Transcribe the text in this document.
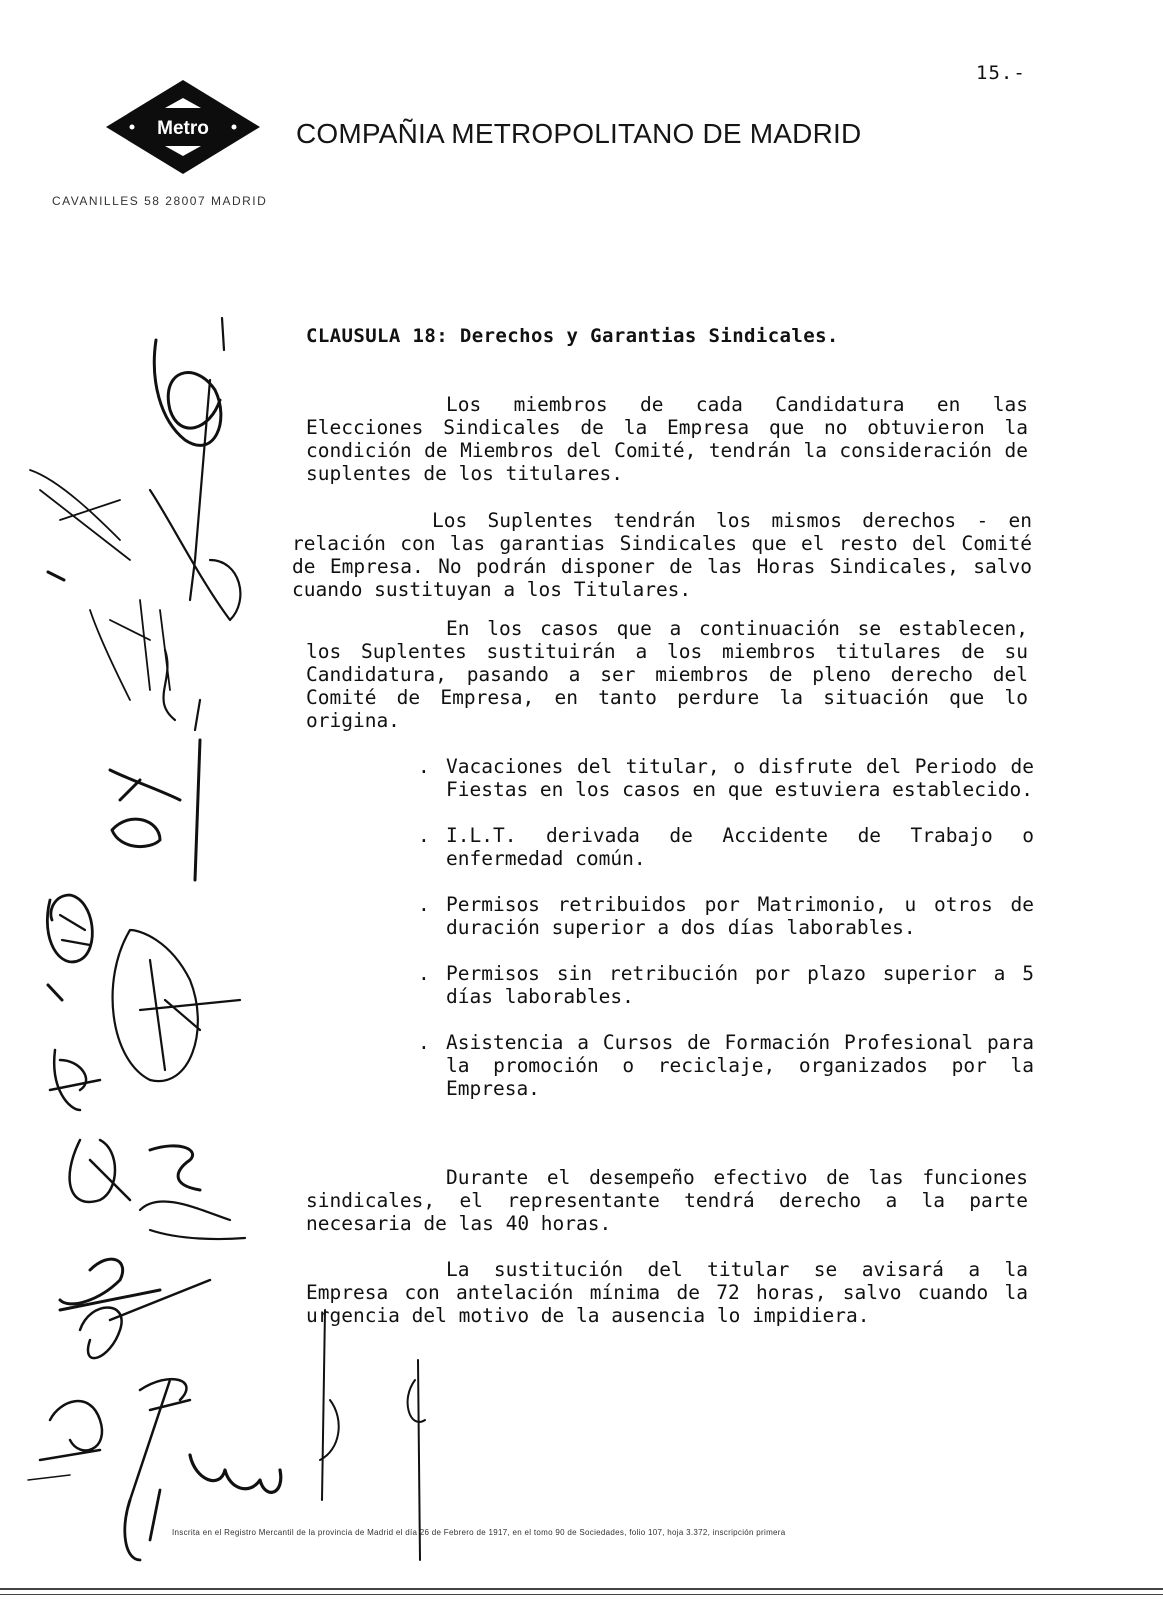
15.-
Metro	COMPAÑIA METROPOLITANO DE MADRID
CAVANILLES 58 28007 MADRID
CLAUSULA 18: Derechos y Garantias Sindicales.

Los miembros de cada Candidatura en las Elecciones Sindicales de la Empresa que no obtuvieron la condición de Miembros del Comité, tendrán la consideración de suplentes de los titulares.

Los Suplentes tendrán los mismos derechos - en relación con las garantias Sindicales que el resto del Comité de Empresa. No podrán disponer de las Horas Sindicales, salvo cuando sustituyan a los Titulares.

En los casos que a continuación se establecen, los Suplentes sustituirán a los miembros titulares de su Candidatura, pasando a ser miembros de pleno derecho del Comité de Empresa, en tanto perdure la situación que lo origina.

. Vacaciones del titular, o disfrute del Periodo de Fiestas en los casos en que estuviera establecido.
. I.L.T. derivada de Accidente de Trabajo o enfermedad común.
. Permisos retribuidos por Matrimonio, u otros de duración superior a dos días laborables.
. Permisos sin retribución por plazo superior a 5 días laborables.
. Asistencia a Cursos de Formación Profesional para la promoción o reciclaje, organizados por la Empresa.

Durante el desempeño efectivo de las funciones sindicales, el representante tendrá derecho a la parte necesaria de las 40 horas.

La sustitución del titular se avisará a la Empresa con antelación mínima de 72 horas, salvo cuando la urgencia del motivo de la ausencia lo impidiera.

Inscrita en el Registro Mercantil de la provincia de Madrid el día 26 de Febrero de 1917, en el tomo 90 de Sociedades, folio 107, hoja 3.372, inscripción primera
